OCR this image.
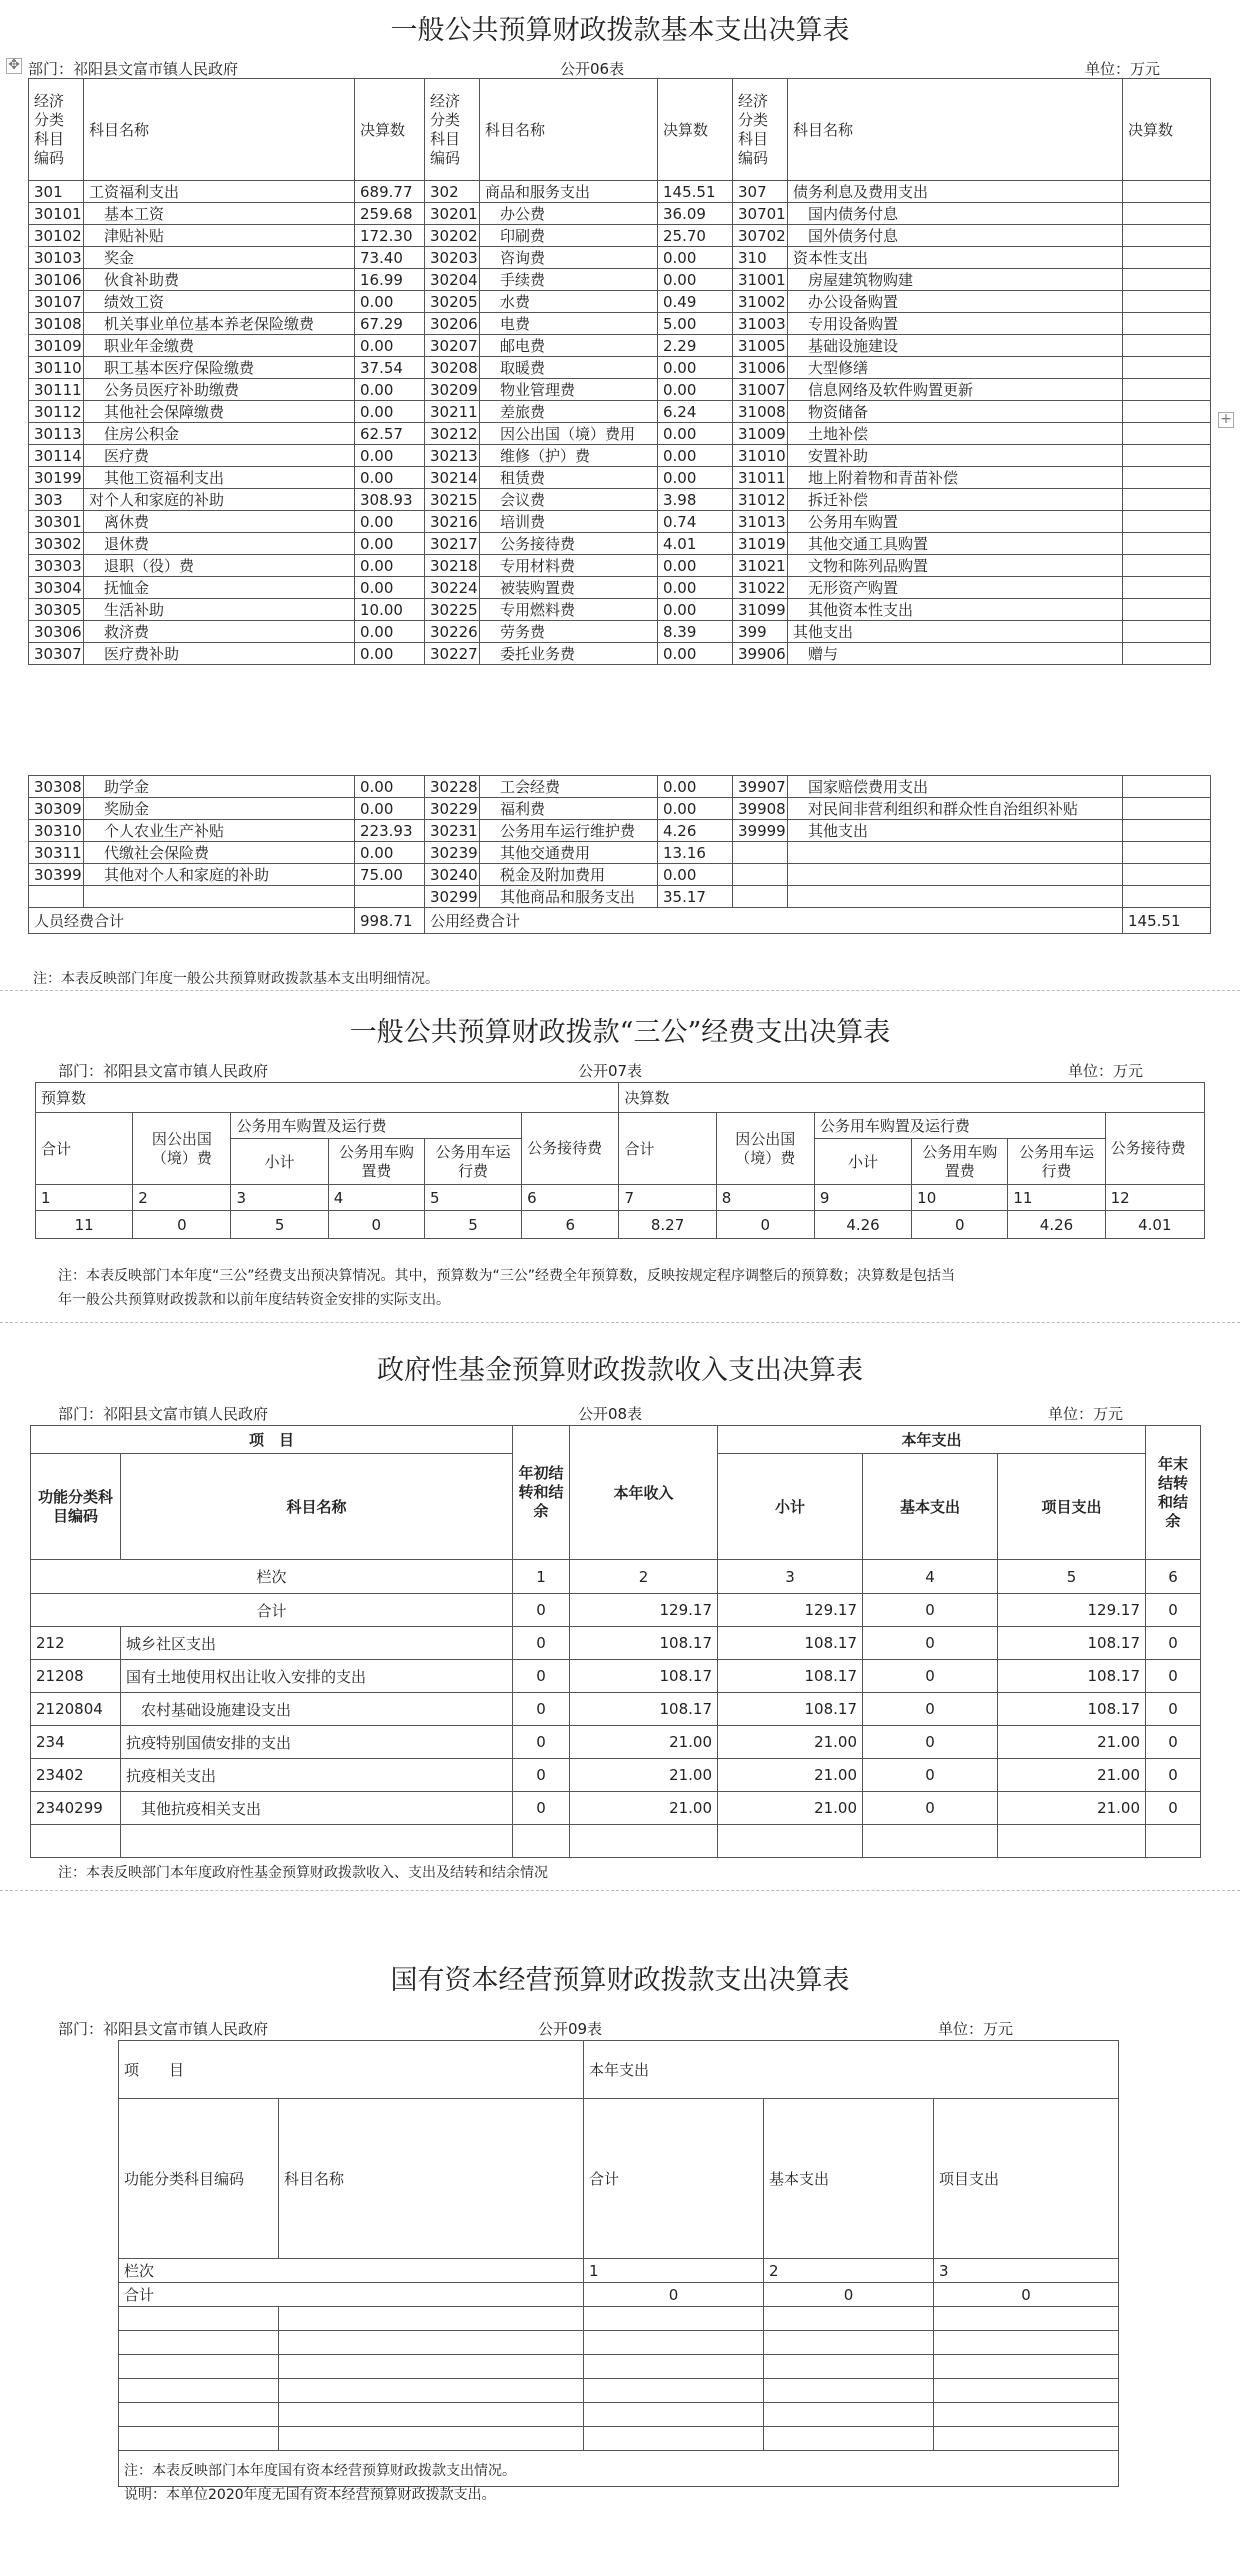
一般公共预算财政拨款基本支出决算表
✥ 部门：祁阳县文富市镇人民政府	公开06表	单位：万元
+
经济分类科目编码	科目名称	决算数	经济分类科目编码	科目名称	决算数	经济分类科目编码	科目名称	决算数
301	工资福利支出	689.77	302	商品和服务支出	145.51	307	债务利息及费用支出	
30101	基本工资	259.68	30201	办公费	36.09	30701	国内债务付息	
30102	津贴补贴	172.30	30202	印刷费	25.70	30702	国外债务付息	
30103	奖金	73.40	30203	咨询费	0.00	310	资本性支出	
30106	伙食补助费	16.99	30204	手续费	0.00	31001	房屋建筑物购建	
30107	绩效工资	0.00	30205	水费	0.49	31002	办公设备购置	
30108	机关事业单位基本养老保险缴费	67.29	30206	电费	5.00	31003	专用设备购置	
30109	职业年金缴费	0.00	30207	邮电费	2.29	31005	基础设施建设	
30110	职工基本医疗保险缴费	37.54	30208	取暖费	0.00	31006	大型修缮	
30111	公务员医疗补助缴费	0.00	30209	物业管理费	0.00	31007	信息网络及软件购置更新	
30112	其他社会保障缴费	0.00	30211	差旅费	6.24	31008	物资储备	
30113	住房公积金	62.57	30212	因公出国（境）费用	0.00	31009	土地补偿	
30114	医疗费	0.00	30213	维修（护）费	0.00	31010	安置补助	
30199	其他工资福利支出	0.00	30214	租赁费	0.00	31011	地上附着物和青苗补偿	
303	对个人和家庭的补助	308.93	30215	会议费	3.98	31012	拆迁补偿	
30301	离休费	0.00	30216	培训费	0.74	31013	公务用车购置	
30302	退休费	0.00	30217	公务接待费	4.01	31019	其他交通工具购置	
30303	退职（役）费	0.00	30218	专用材料费	0.00	31021	文物和陈列品购置	
30304	抚恤金	0.00	30224	被装购置费	0.00	31022	无形资产购置	
30305	生活补助	10.00	30225	专用燃料费	0.00	31099	其他资本性支出	
30306	救济费	0.00	30226	劳务费	8.39	399	其他支出	
30307	医疗费补助	0.00	30227	委托业务费	0.00	39906	赠与	
30308	助学金	0.00	30228	工会经费	0.00	39907	国家赔偿费用支出	
30309	奖励金	0.00	30229	福利费	0.00	39908	对民间非营利组织和群众性自治组织补贴	
30310	个人农业生产补贴	223.93	30231	公务用车运行维护费	4.26	39999	其他支出	
30311	代缴社会保险费	0.00	30239	其他交通费用	13.16			
30399	其他对个人和家庭的补助	75.00	30240	税金及附加费用	0.00			
			30299	其他商品和服务支出	35.17			
人员经费合计		998.71	公用经费合计					145.51
注：本表反映部门年度一般公共预算财政拨款基本支出明细情况。
一般公共预算财政拨款“三公”经费支出决算表
部门：祁阳县文富市镇人民政府	公开07表	单位：万元
预算数						决算数					
合计	因公出国（境）费	公务用车购置及运行费			公务接待费	合计	因公出国（境）费	公务用车购置及运行费			公务接待费
		小计	公务用车购置费	公务用车运行费				小计	公务用车购置费	公务用车运行费	
1	2	3	4	5	6	7	8	9	10	11	12
11	0	5	0	5	6	8.27	0	4.26	0	4.26	4.01
注：本表反映部门本年度“三公”经费支出预决算情况。其中，预算数为“三公”经费全年预算数，反映按规定程序调整后的预算数；决算数是包括当
年一般公共预算财政拨款和以前年度结转资金安排的实际支出。
政府性基金预算财政拨款收入支出决算表
部门：祁阳县文富市镇人民政府	公开08表	单位：万元
项　目		年初结转和结余	本年收入	本年支出			年末结转和结余
功能分类科目编码	科目名称			小计	基本支出	项目支出	
栏次		1	2	3	4	5	6
合计		0	129.17	129.17	0	129.17	0
212	城乡社区支出	0	108.17	108.17	0	108.17	0
21208	国有土地使用权出让收入安排的支出	0	108.17	108.17	0	108.17	0
2120804	农村基础设施建设支出	0	108.17	108.17	0	108.17	0
234	抗疫特别国债安排的支出	0	21.00	21.00	0	21.00	0
23402	抗疫相关支出	0	21.00	21.00	0	21.00	0
2340299	其他抗疫相关支出	0	21.00	21.00	0	21.00	0

注：本表反映部门本年度政府性基金预算财政拨款收入、支出及结转和结余情况
国有资本经营预算财政拨款支出决算表
部门：祁阳县文富市镇人民政府	公开09表	单位：万元
项　　目		本年支出		
功能分类科目编码	科目名称	合计	基本支出	项目支出
栏次		1	2	3
合计		0	0	0

注：本表反映部门本年度国有资本经营预算财政拨款支出情况。
说明：本单位2020年度无国有资本经营预算财政拨款支出。
